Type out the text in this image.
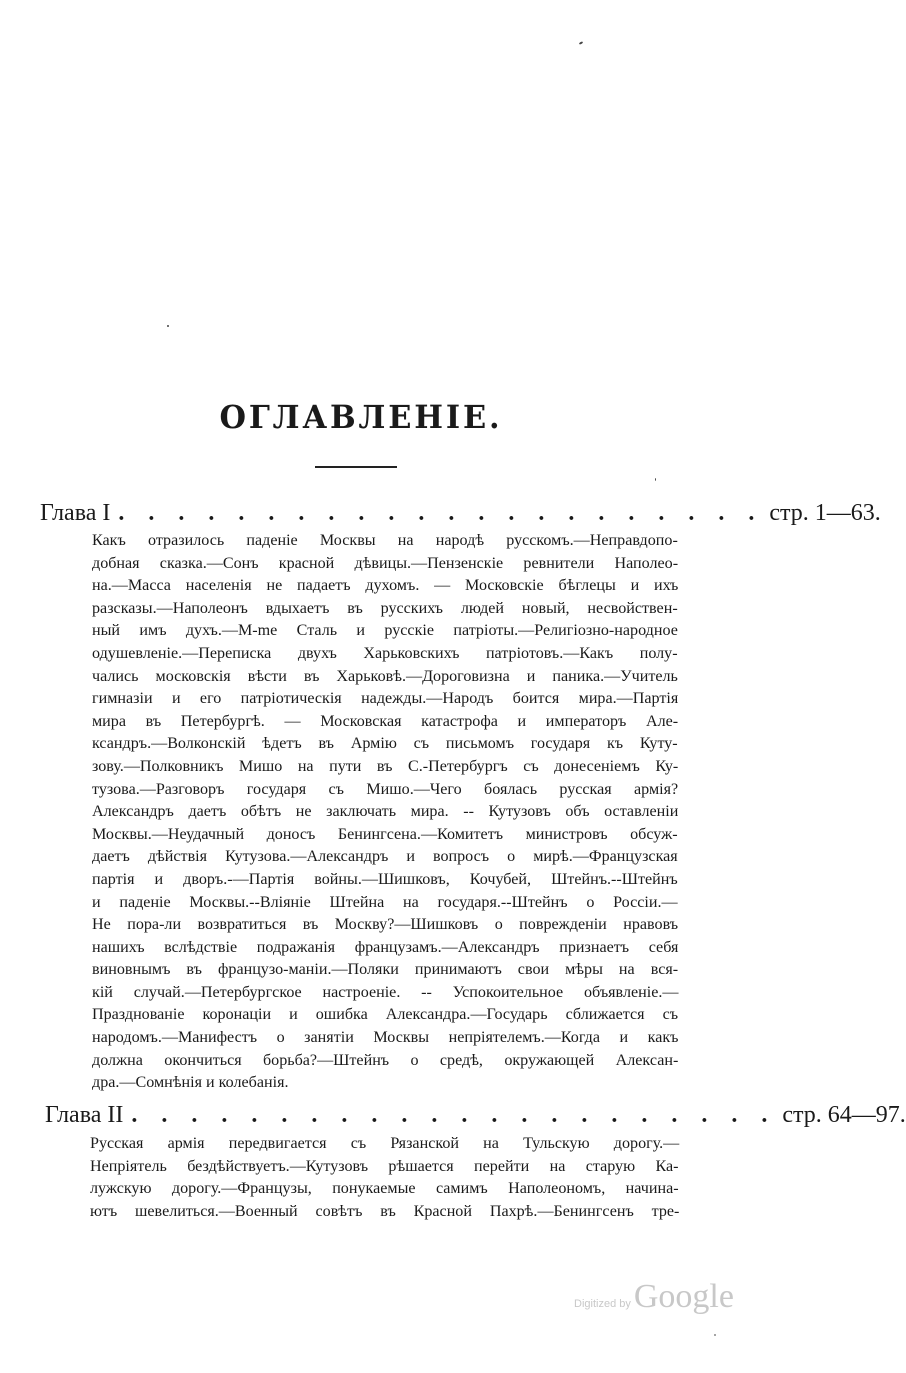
ОГЛАВЛЕНІЕ.
Глава I . . . . . . . . . . . . . . . . . . . . . . стр. 1—63.
Какъ отразилось паденіе Москвы на народѣ русскомъ.—Неправдопо-
добная сказка.—Сонъ красной дѣвицы.—Пензенскіе ревнители Наполео-
на.—Масса населенія не падаетъ духомъ. — Московскіе бѣглецы и ихъ
разсказы.—Наполеонъ вдыхаетъ въ русскихъ людей новый, несвойствен-
ный имъ духъ.—М-me Сталь и русскіе патріоты.—Религіозно-народное
одушевленіе.—Переписка двухъ Харьковскихъ патріотовъ.—Какъ полу-
чались московскія вѣсти въ Харьковѣ.—Дороговизна и паника.—Учитель
гимназіи и его патріотическія надежды.—Народъ боится мира.—Партія
мира въ Петербургѣ. — Московская катастрофа и императоръ Але-
ксандръ.—Волконскій ѣдетъ въ Армію съ письмомъ государя къ Куту-
зову.—Полковникъ Мишо на пути въ С.-Петербургъ съ донесеніемъ Ку-
тузова.—Разговоръ государя съ Мишо.—Чего боялась русская армія?
Александръ даетъ обѣтъ не заключать мира. -- Кутузовъ объ оставленіи
Москвы.—Неудачный доносъ Бенингсена.—Комитетъ министровъ обсуж-
даетъ дѣйствія Кутузова.—Александръ и вопросъ о мирѣ.—Французская
партія и дворъ.-—Партія войны.—Шишковъ, Кочубей, Штейнъ.--Штейнъ
и паденіе Москвы.--Вліяніе Штейна на государя.--Штейнъ о Россіи.—
Не пора-ли возвратиться въ Москву?—Шишковъ о поврежденіи нравовъ
нашихъ вслѣдствіе подражанія французамъ.—Александръ признаетъ себя
виновнымъ въ французо-маніи.—Поляки принимаютъ свои мѣры на вся-
кій случай.—Петербургское настроеніе. -- Успокоительное объявленіе.—
Празднованіе коронаціи и ошибка Александра.—Государь сближается съ
народомъ.—Манифестъ о занятіи Москвы непріятелемъ.—Когда и какъ
должна окончиться борьба?—Штейнъ о средѣ, окружающей Алексан-
дра.—Сомнѣнія и колебанія.
Глава II . . . . . . . . . . . . . . . . . . . . . . стр. 64—97.
Русская армія передвигается съ Рязанской на Тульскую дорогу.—
Непріятель бездѣйствуетъ.—Кутузовъ рѣшается перейти на старую Ка-
лужскую дорогу.—Французы, понукаемые самимъ Наполеономъ, начина-
ютъ шевелиться.—Военный совѣтъ въ Красной Пахрѣ.—Бенингсенъ тре-
Digitized by Google
